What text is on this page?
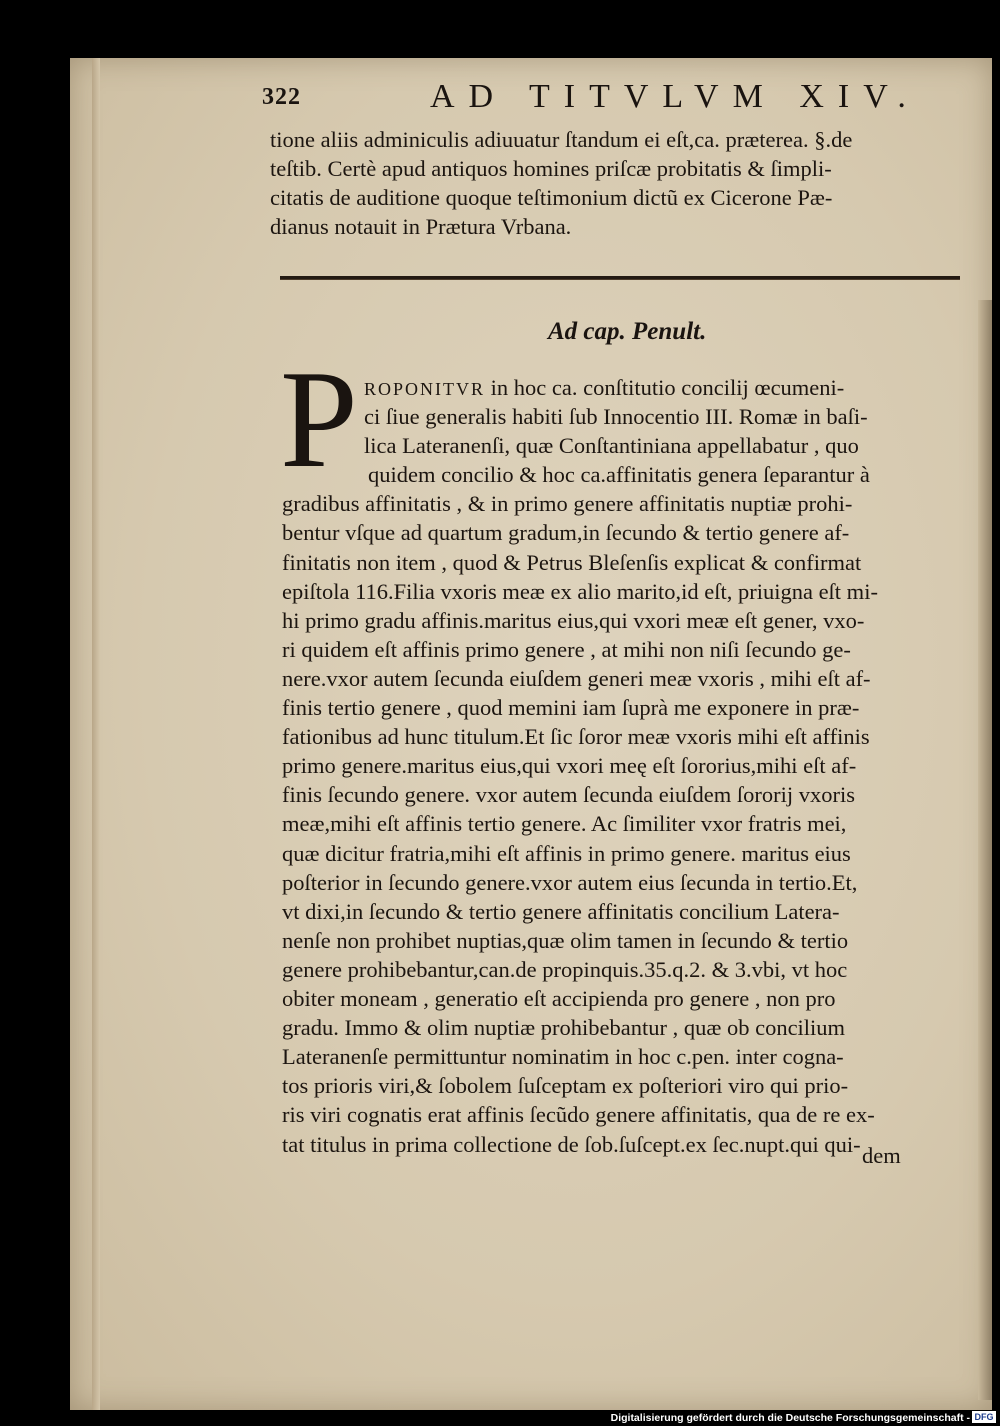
322	AD TITVLVM XIV.
tione aliis adminiculis adiuuatur ſtandum ei eſt,ca. præterea. §.de
teſtib. Certè apud antiquos homines priſcæ probitatis & ſimpli-
citatis de auditione quoque teſtimonium dictũ ex Cicerone Pæ-
dianus notauit in Prætura Vrbana.
Ad cap. Penult.
P ROPONITVR in hoc ca. conſtitutio concilij œcumeni-
ci ſiue generalis habiti ſub Innocentio III. Romæ in baſi-
lica Lateranenſi, quæ Conſtantiniana appellabatur , quo
quidem concilio & hoc ca.affinitatis genera ſeparantur à
gradibus affinitatis , & in primo genere affinitatis nuptiæ prohi-
bentur vſque ad quartum gradum,in ſecundo & tertio genere af-
finitatis non item , quod & Petrus Bleſenſis explicat & confirmat
epiſtola 116.Filia vxoris meæ ex alio marito,id eſt, priuigna eſt mi-
hi primo gradu affinis.maritus eius,qui vxori meæ eſt gener, vxo-
ri quidem eſt affinis primo genere , at mihi non niſi ſecundo ge-
nere.vxor autem ſecunda eiuſdem generi meæ vxoris , mihi eſt af-
finis tertio genere , quod memini iam ſuprà me exponere in præ-
fationibus ad hunc titulum.Et ſic ſoror meæ vxoris mihi eſt affinis
primo genere.maritus eius,qui vxori meę eſt ſororius,mihi eſt af-
finis ſecundo genere. vxor autem ſecunda eiuſdem ſororij vxoris
meæ,mihi eſt affinis tertio genere. Ac ſimiliter vxor fratris mei,
quæ dicitur fratria,mihi eſt affinis in primo genere. maritus eius
poſterior in ſecundo genere.vxor autem eius ſecunda in tertio.Et,
vt dixi,in ſecundo & tertio genere affinitatis concilium Latera-
nenſe non prohibet nuptias,quæ olim tamen in ſecundo & tertio
genere prohibebantur,can.de propinquis.35.q.2. & 3.vbi, vt hoc
obiter moneam , generatio eſt accipienda pro genere , non pro
gradu. Immo & olim nuptiæ prohibebantur , quæ ob concilium
Lateranenſe permittuntur nominatim in hoc c.pen. inter cognа-
tos prioris viri,& ſobolem ſuſceptam ex poſteriori viro qui prio-
ris viri cognatis erat affinis ſecũdo genere affinitatis, qua de re ex-
tat titulus in prima collectione de ſob.ſuſcept.ex ſec.nupt.qui qui- dem
Digitalisierung gefördert durch die Deutsche Forschungsgemeinschaft - DFG
